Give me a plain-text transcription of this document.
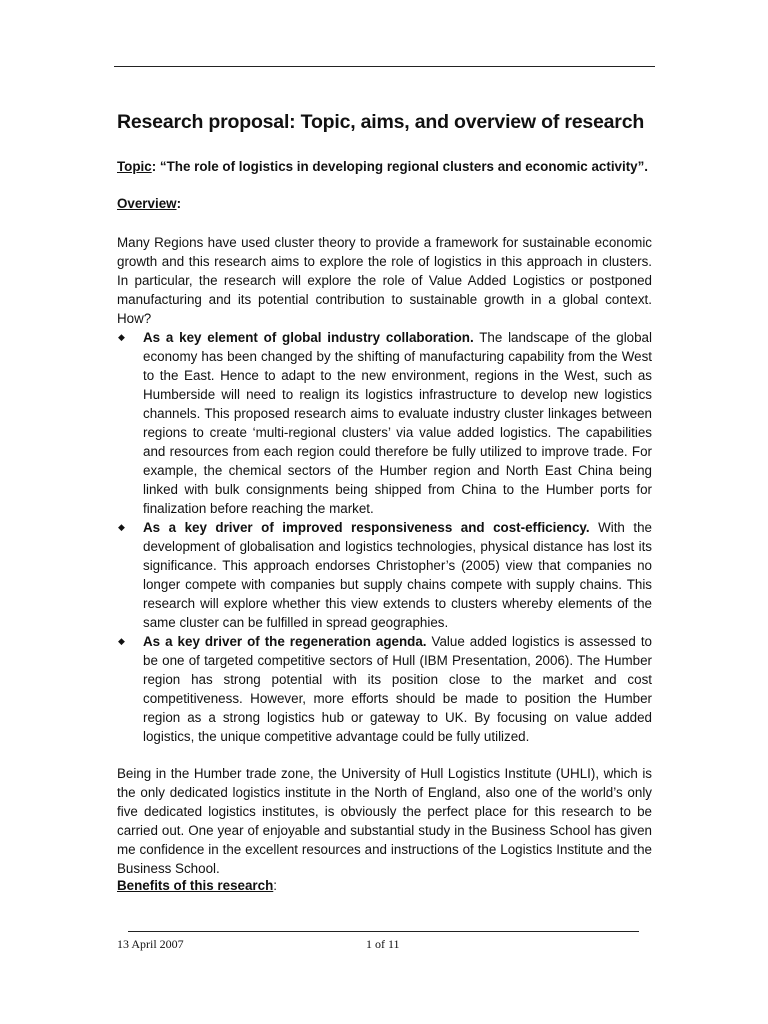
Research proposal: Topic, aims, and overview of research
Topic: “The role of logistics in developing regional clusters and economic activity”.
Overview:

Many Regions have used cluster theory to provide a framework for sustainable economic growth and this research aims to explore the role of logistics in this approach in clusters. In particular, the research will explore the role of Value Added Logistics or postponed manufacturing and its potential contribution to sustainable growth in a global context. How?

◆ As a key element of global industry collaboration. The landscape of the global economy has been changed by the shifting of manufacturing capability from the West to the East. Hence to adapt to the new environment, regions in the West, such as Humberside will need to realign its logistics infrastructure to develop new logistics channels. This proposed research aims to evaluate industry cluster linkages between regions to create ‘multi-regional clusters’ via value added logistics. The capabilities and resources from each region could therefore be fully utilized to improve trade. For example, the chemical sectors of the Humber region and North East China being linked with bulk consignments being shipped from China to the Humber ports for finalization before reaching the market.
◆ As a key driver of improved responsiveness and cost-efficiency. With the development of globalisation and logistics technologies, physical distance has lost its significance. This approach endorses Christopher’s (2005) view that companies no longer compete with companies but supply chains compete with supply chains. This research will explore whether this view extends to clusters whereby elements of the same cluster can be fulfilled in spread geographies.
◆ As a key driver of the regeneration agenda. Value added logistics is assessed to be one of targeted competitive sectors of Hull (IBM Presentation, 2006). The Humber region has strong potential with its position close to the market and cost competitiveness. However, more efforts should be made to position the Humber region as a strong logistics hub or gateway to UK. By focusing on value added logistics, the unique competitive advantage could be fully utilized.

Being in the Humber trade zone, the University of Hull Logistics Institute (UHLI), which is the only dedicated logistics institute in the North of England, also one of the world’s only five dedicated logistics institutes, is obviously the perfect place for this research to be carried out. One year of enjoyable and substantial study in the Business School has given me confidence in the excellent resources and instructions of the Logistics Institute and the Business School.

Benefits of this research:
13 April 2007	1 of 11
